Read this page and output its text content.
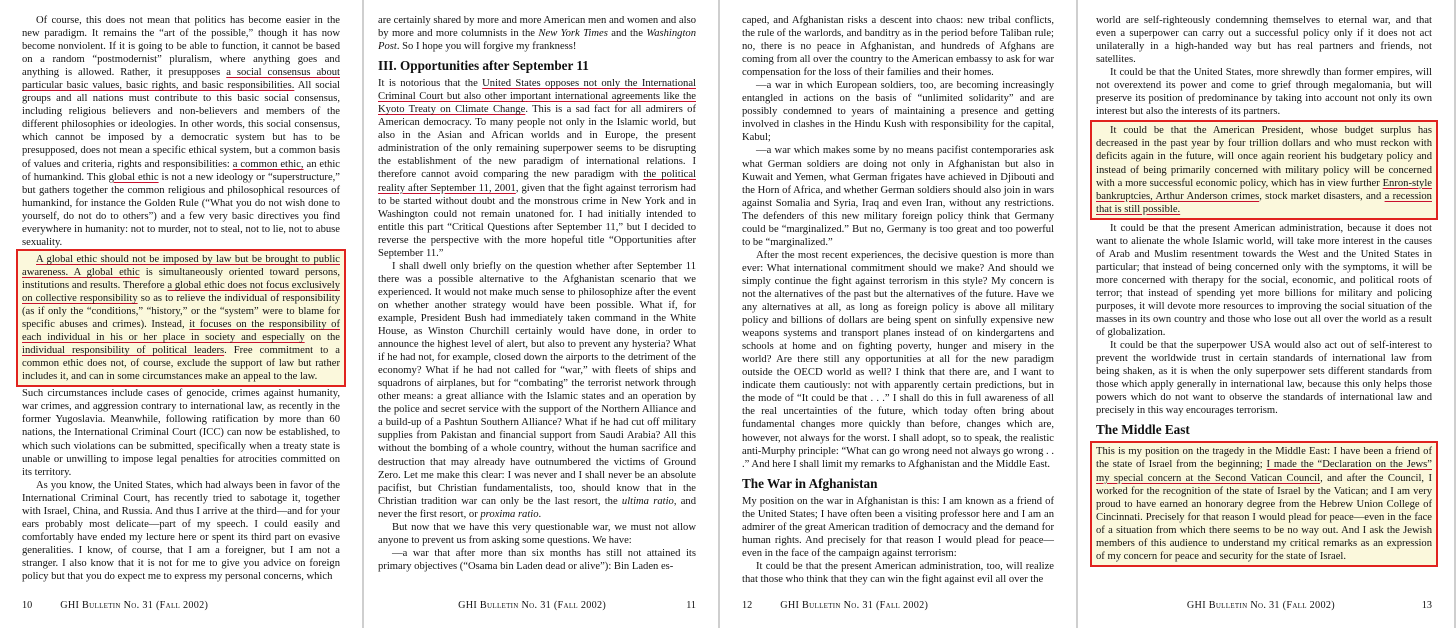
Of course, this does not mean that politics has become easier in the new paradigm. It remains the “art of the possible,” though it has now become nonviolent. If it is going to be able to function, it cannot be based on a random “postmodernist” pluralism, where anything goes and anything is allowed. Rather, it presupposes a social consensus about particular basic values, basic rights, and basic responsibilities. All social groups and all nations must contribute to this basic social consensus, including religious believers and non-believers and members of the different philosophies or ideologies. In other words, this social consensus, which cannot be imposed by a democratic system but has to be presupposed, does not mean a specific ethical system, but a common basis of values and criteria, rights and responsibilities: a common ethic, an ethic of humankind. This global ethic is not a new ideology or “superstructure,” but gathers together the common religious and philosophical resources of humankind, for instance the Golden Rule (“What you do not wish done to yourself, do not do to others”) and a few very basic directives you find everywhere in humanity: not to murder, not to steal, not to lie, not to abuse sexuality.

A global ethic should not be imposed by law but be brought to public awareness. A global ethic is simultaneously oriented toward persons, institutions and results. Therefore a global ethic does not focus exclusively on collective responsibility so as to relieve the individual of responsibility (as if only the “conditions,” “history,” or the “system” were to blame for specific abuses and crimes). Instead, it focuses on the responsibility of each individual in his or her place in society and especially on the individual responsibility of political leaders. Free commitment to a common ethic does not, of course, exclude the support of law but rather includes it, and can in some circumstances make an appeal to the law.

Such circumstances include cases of genocide, crimes against humanity, war crimes, and aggression contrary to international law, as recently in the former Yugoslavia. Meanwhile, following ratification by more than 60 nations, the International Criminal Court (ICC) can now be established, to which such violations can be submitted, specifically when a treaty state is unable or unwilling to impose legal penalties for atrocities committed on its territory.

As you know, the United States, which had always been in favor of the International Criminal Court, has recently tried to sabotage it, together with Israel, China, and Russia. And thus I arrive at the third—and for your ears probably most delicate—part of my speech. I could easily and comfortably have ended my lecture here or spent its third part on evasive generalities. I know, of course, that I am a foreigner, but I am not a stranger. I also know that it is not for me to give you advice on foreign policy but that you do expect me to express my personal concerns, which

10	GHI Bulletin No. 31 (Fall 2002)

are certainly shared by more and more American men and women and also by more and more columnists in the New York Times and the Washington Post. So I hope you will forgive my frankness!

III. Opportunities after September 11

It is notorious that the United States opposes not only the International Criminal Court but also other important international agreements like the Kyoto Treaty on Climate Change. This is a sad fact for all admirers of American democracy. To many people not only in the Islamic world, but also in the Asian and African worlds and in Europe, the present administration of the only remaining superpower seems to be disrupting the establishment of the new paradigm of international relations. I therefore cannot avoid comparing the new paradigm with the political reality after September 11, 2001, given that the fight against terrorism had to be started without doubt and the monstrous crime in New York and in Washington could not remain unatoned for. I had initially intended to entitle this part “Critical Questions after September 11,” but I decided to reverse the perspective with the more hopeful title “Opportunities after September 11.”

I shall dwell only briefly on the question whether after September 11 there was a possible alternative to the Afghanistan scenario that we experienced. It would not make much sense to philosophize after the event on whether another strategy would have been possible. What if, for example, President Bush had immediately taken command in the White House, as Winston Churchill certainly would have done, in order to announce the highest level of alert, but also to prevent any hysteria? What if he had not, for example, closed down the airports to the detriment of the economy? What if he had not called for “war,” with fleets of ships and squadrons of airplanes, but for “combating” the terrorist network through other means: a great alliance with the Islamic states and an operation by the police and secret service with the support of the Northern Alliance and a build-up of a Pashtun Southern Alliance? What if he had cut off military supplies from Pakistan and financial support from Saudi Arabia? All this without the bombing of a whole country, without the human sacrifice and destruction that may already have outnumbered the victims of Ground Zero. Let me make this clear: I was never and I shall never be an absolute pacifist, but Christian fundamentalists, too, should know that in the Christian tradition war can only be the last resort, the ultima ratio, and never the first resort, or proxima ratio.

But now that we have this very questionable war, we must not allow anyone to prevent us from asking some questions. We have:

—a war that after more than six months has still not attained its primary objectives (“Osama bin Laden dead or alive”): Bin Laden es-

GHI Bulletin No. 31 (Fall 2002)	11

caped, and Afghanistan risks a descent into chaos: new tribal conflicts, the rule of the warlords, and banditry as in the period before Taliban rule; no, there is no peace in Afghanistan, and hundreds of Afghans are coming from all over the country to the American embassy to ask for war compensation for the loss of their families and their homes.

—a war in which European soldiers, too, are becoming increasingly entangled in actions on the basis of “unlimited solidarity” and are possibly condemned to years of maintaining a presence and getting involved in clashes in the Hindu Kush with responsibility for the capital, Kabul;

—a war which makes some by no means pacifist contemporaries ask what German soldiers are doing not only in Afghanistan but also in Kuwait and Yemen, what German frigates have achieved in Djibouti and the Horn of Africa, and whether German soldiers should also join in wars against Somalia and Syria, Iraq and even Iran, without any restrictions. The defenders of this new military foreign policy think that Germany could be “marginalized.” But no, Germany is too great and too powerful to be “marginalized.”

After the most recent experiences, the decisive question is more than ever: What international commitment should we make? And should we simply continue the fight against terrorism in this style? My concern is not the alternatives of the past but the alternatives of the future. Have we any alternatives at all, as long as foreign policy is above all military policy and billions of dollars are being spent on sinfully expensive new weapons systems and transport planes instead of on kindergartens and schools at home and on fighting poverty, hunger and misery in the world? Are there still any opportunities at all for the new paradigm outside the OECD world as well? I think that there are, and I want to indicate them cautiously: not with apparently certain predictions, but in the mode of “It could be that . . .” I shall do this in full awareness of all the real uncertainties of the future, which today often bring about fundamental changes more quickly than before, changes which are, however, not always for the worst. I shall adopt, so to speak, the realistic anti-Murphy principle: “What can go wrong need not always go wrong . . .” And here I shall limit my remarks to Afghanistan and the Middle East.

The War in Afghanistan

My position on the war in Afghanistan is this: I am known as a friend of the United States; I have often been a visiting professor here and I am an admirer of the great American tradition of democracy and the demand for human rights. And precisely for that reason I would plead for peace—even in the face of the campaign against terrorism:

It could be that the present American administration, too, will realize that those who think that they can win the fight against evil all over the

12	GHI Bulletin No. 31 (Fall 2002)

world are self-righteously condemning themselves to eternal war, and that even a superpower can carry out a successful policy only if it does not act unilaterally in a high-handed way but has real partners and friends, not satellites.

It could be that the United States, more shrewdly than former empires, will not overextend its power and come to grief through megalomania, but will preserve its position of predominance by taking into account not only its own interest but also the interests of its partners.

It could be that the American President, whose budget surplus has decreased in the past year by four trillion dollars and who must reckon with deficits again in the future, will once again reorient his budgetary policy and instead of being primarily concerned with military policy will be concerned with a more successful economic policy, which has in view further Enron-style bankruptcies, Arthur Anderson crimes, stock market disasters, and a recession that is still possible.

It could be that the present American administration, because it does not want to alienate the whole Islamic world, will take more interest in the causes of Arab and Muslim resentment towards the West and the United States in particular; that instead of being concerned only with the symptoms, it will be more concerned with therapy for the social, economic, and political roots of terror; that instead of spending yet more billions for military and policing purposes, it will devote more resources to improving the social situation of the masses in its own country and those who lose out all over the world as a result of globalization.

It could be that the superpower USA would also act out of self-interest to prevent the worldwide trust in certain standards of international law from being shaken, as it is when the only superpower sets different standards from those which apply generally in international law, because this only helps those powers which do not want to observe the standards of international law and precisely in this way encourages terrorism.

The Middle East

This is my position on the tragedy in the Middle East: I have been a friend of the state of Israel from the beginning; I made the “Declaration on the Jews” my special concern at the Second Vatican Council, and after the Council, I worked for the recognition of the state of Israel by the Vatican; and I am very proud to have earned an honorary degree from the Hebrew Union College of Cincinnati. Precisely for that reason I would plead for peace—even in the face of a situation from which there seems to be no way out. And I ask the Jewish members of this audience to understand my critical remarks as an expression of my concern for peace and security for the state of Israel.

GHI Bulletin No. 31 (Fall 2002)	13
